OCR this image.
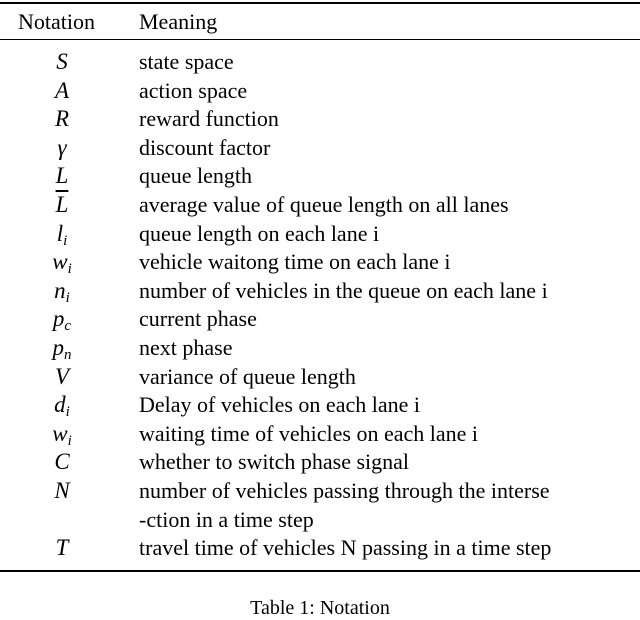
Notation Meaning
S	state space
A	action space
R	reward function
γ	discount factor
L	queue length
$\overline{L}$	average value of queue length on all lanes
$l_i$	queue length on each lane i
$w_i$	vehicle waitong time on each lane i
$n_i$	number of vehicles in the queue on each lane i
$p_c$	current phase
$p_n$	next phase
V	variance of queue length
$d_i$	Delay of vehicles on each lane i
$w_i$	waiting time of vehicles on each lane i
C	whether to switch phase signal
N	number of vehicles passing through the interse

-ction in a time step
T	travel time of vehicles N passing in a time step
Table 1: Notation
